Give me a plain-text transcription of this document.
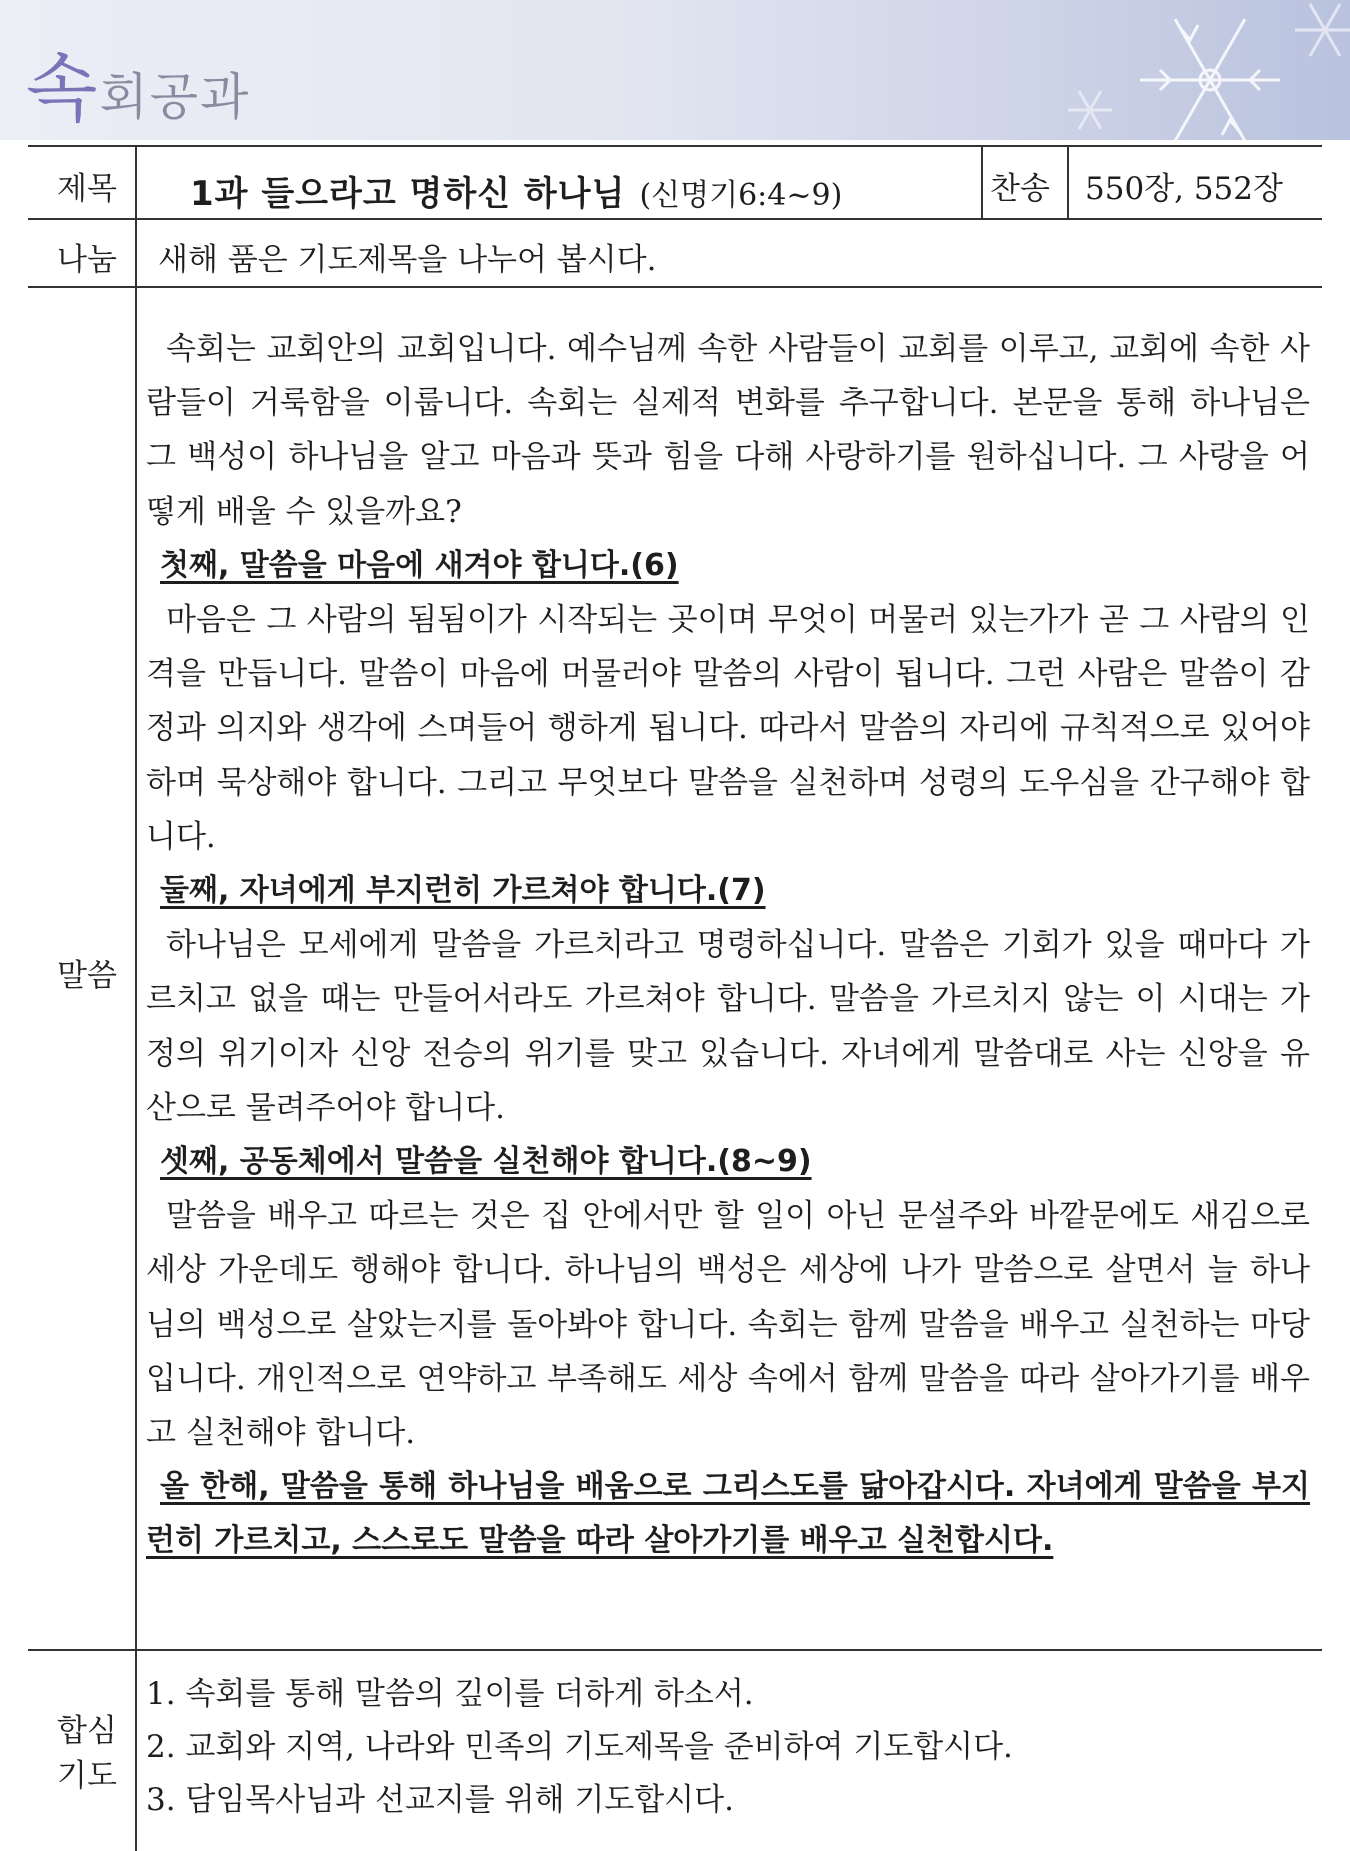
속회공과
제목	1과 들으라고 명하신 하나님 (신명기6:4~9)	찬송 550장, 552장
나눔	새해 품은 기도제목을 나누어 봅시다.
말씀

속회는 교회안의 교회입니다. 예수님께 속한 사람들이 교회를 이루고, 교회에 속한 사람들이 거룩함을 이룹니다. 속회는 실제적 변화를 추구합니다. 본문을 통해 하나님은 그 백성이 하나님을 알고 마음과 뜻과 힘을 다해 사랑하기를 원하십니다. 그 사랑을 어떻게 배울 수 있을까요?

첫째, 말씀을 마음에 새겨야 합니다.(6)

마음은 그 사람의 됨됨이가 시작되는 곳이며 무엇이 머물러 있는가가 곧 그 사람의 인격을 만듭니다. 말씀이 마음에 머물러야 말씀의 사람이 됩니다. 그런 사람은 말씀이 감정과 의지와 생각에 스며들어 행하게 됩니다. 따라서 말씀의 자리에 규칙적으로 있어야 하며 묵상해야 합니다. 그리고 무엇보다 말씀을 실천하며 성령의 도우심을 간구해야 합니다.

둘째, 자녀에게 부지런히 가르쳐야 합니다.(7)

하나님은 모세에게 말씀을 가르치라고 명령하십니다. 말씀은 기회가 있을 때마다 가르치고 없을 때는 만들어서라도 가르쳐야 합니다. 말씀을 가르치지 않는 이 시대는 가정의 위기이자 신앙 전승의 위기를 맞고 있습니다. 자녀에게 말씀대로 사는 신앙을 유산으로 물려주어야 합니다.

셋째, 공동체에서 말씀을 실천해야 합니다.(8~9)

말씀을 배우고 따르는 것은 집 안에서만 할 일이 아닌 문설주와 바깥문에도 새김으로 세상 가운데도 행해야 합니다. 하나님의 백성은 세상에 나가 말씀으로 살면서 늘 하나님의 백성으로 살았는지를 돌아봐야 합니다. 속회는 함께 말씀을 배우고 실천하는 마당입니다. 개인적으로 연약하고 부족해도 세상 속에서 함께 말씀을 따라 살아가기를 배우고 실천해야 합니다.

올 한해, 말씀을 통해 하나님을 배움으로 그리스도를 닮아갑시다. 자녀에게 말씀을 부지런히 가르치고, 스스로도 말씀을 따라 살아가기를 배우고 실천합시다.

합심
기도
1. 속회를 통해 말씀의 깊이를 더하게 하소서.
2. 교회와 지역, 나라와 민족의 기도제목을 준비하여 기도합시다.
3. 담임목사님과 선교지를 위해 기도합시다.
